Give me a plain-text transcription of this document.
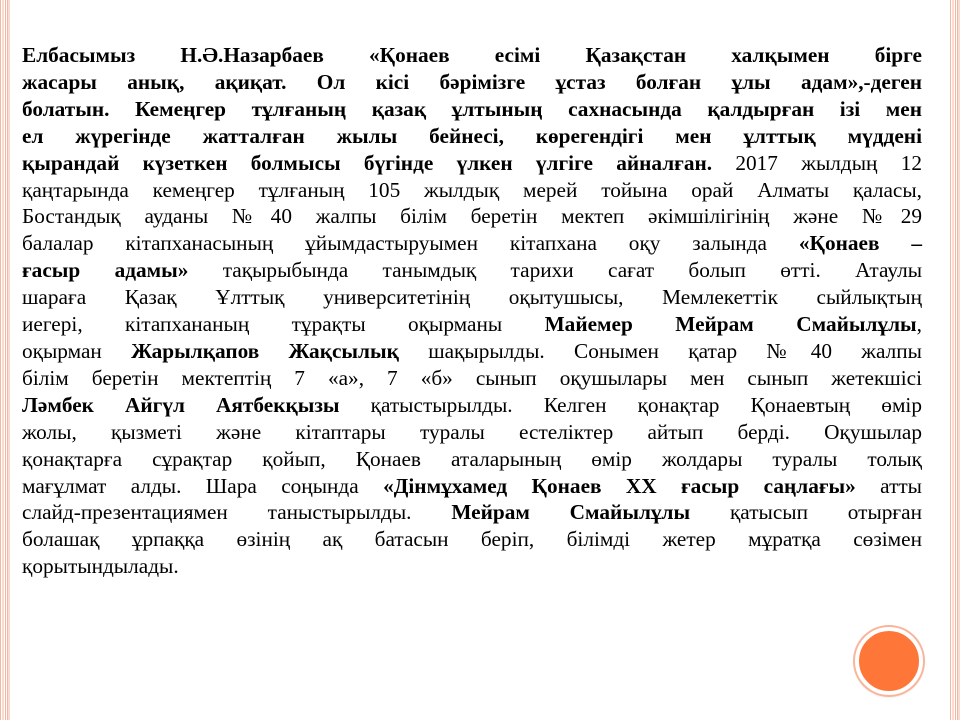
Елбасымыз Н.Ә.Назарбаев «Қонаев есімі Қазақстан халқымен бірге
жасары анық, ақиқат. Ол кісі бәрімізге ұстаз болған ұлы адам»,-деген
болатын. Кемеңгер тұлғаның қазақ ұлтының сахнасында қалдырған ізі мен
ел жүрегінде жатталған жылы бейнесі, көрегендігі мен ұлттық мүддені
қырандай күзеткен болмысы бүгінде үлкен үлгіге айналған. 2017 жылдың 12
қаңтарында кемеңгер тұлғаның 105 жылдық мерей тойына орай Алматы қаласы,
Бостандық ауданы №40 жалпы білім беретін мектеп әкімшілігінің және №29
балалар кітапханасының ұйымдастыруымен кітапхана оқу залында «Қонаев –
ғасыр адамы» тақырыбында танымдық тарихи сағат болып өтті. Атаулы
шараға Қазақ Ұлттық университетінің оқытушысы, Мемлекеттік сыйлықтың
иегері, кітапхананың тұрақты оқырманы Майемер Мейрам Смайылұлы,
оқырман Жарылқапов Жақсылық шақырылды. Сонымен қатар №40 жалпы
білім беретін мектептің 7 «а», 7 «б» сынып оқушылары мен сынып жетекшісі
Ләмбек Айгүл Аятбекқызы қатыстырылды. Келген қонақтар Қонаевтың өмір
жолы, қызметі және кітаптары туралы естеліктер айтып берді. Оқушылар
қонақтарға сұрақтар қойып, Қонаев аталарының өмір жолдары туралы толық
мағұлмат алды. Шара соңында «Дінмұхамед Қонаев ХХ ғасыр саңлағы» атты
слайд-презентациямен таныстырылды. Мейрам Смайылұлы қатысып отырған
болашақ ұрпаққа өзінің ақ батасын беріп, білімді жетер мұратқа сөзімен
қорытындылады.
